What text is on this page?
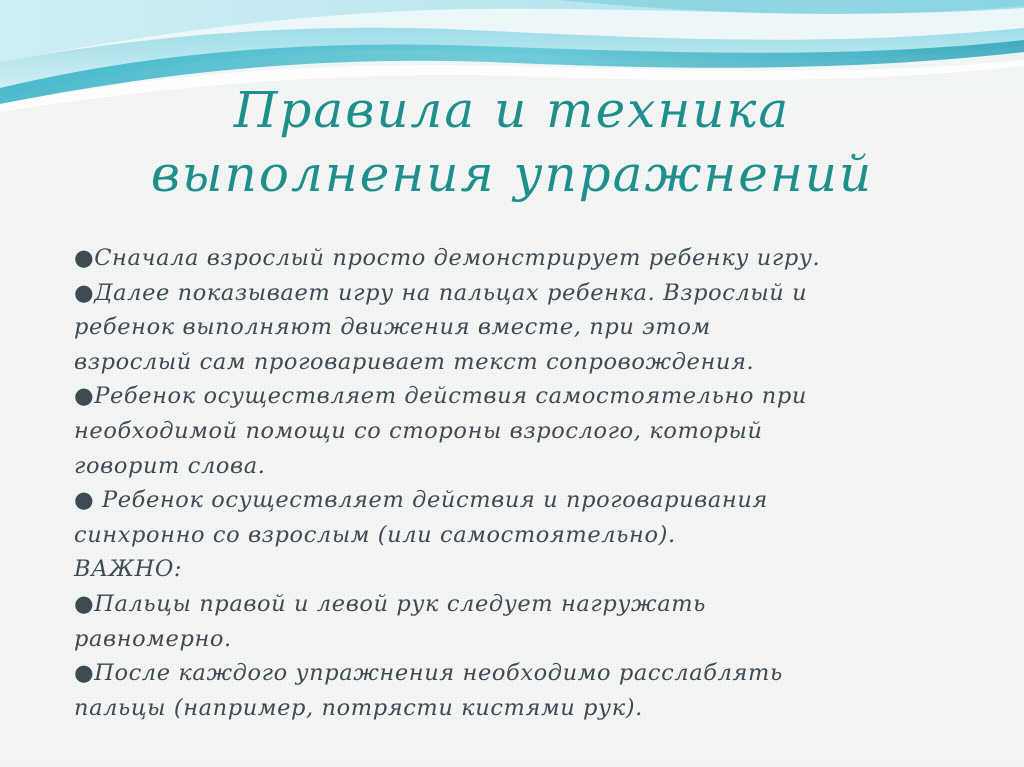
Правила и техника
выполнения упражнений
●Сначала взрослый просто демонстрирует ребенку игру.
●Далее показывает игру на пальцах ребенка. Взрослый и
ребенок выполняют движения вместе, при этом
взрослый сам проговаривает текст сопровождения.
●Ребенок осуществляет действия самостоятельно при
необходимой помощи со стороны взрослого, который
говорит слова.
● Ребенок осуществляет действия и проговаривания
синхронно со взрослым (или самостоятельно).
ВАЖНО:
●Пальцы правой и левой рук следует нагружать
равномерно.
●После каждого упражнения необходимо расслаблять
пальцы (например, потрясти кистями рук).
